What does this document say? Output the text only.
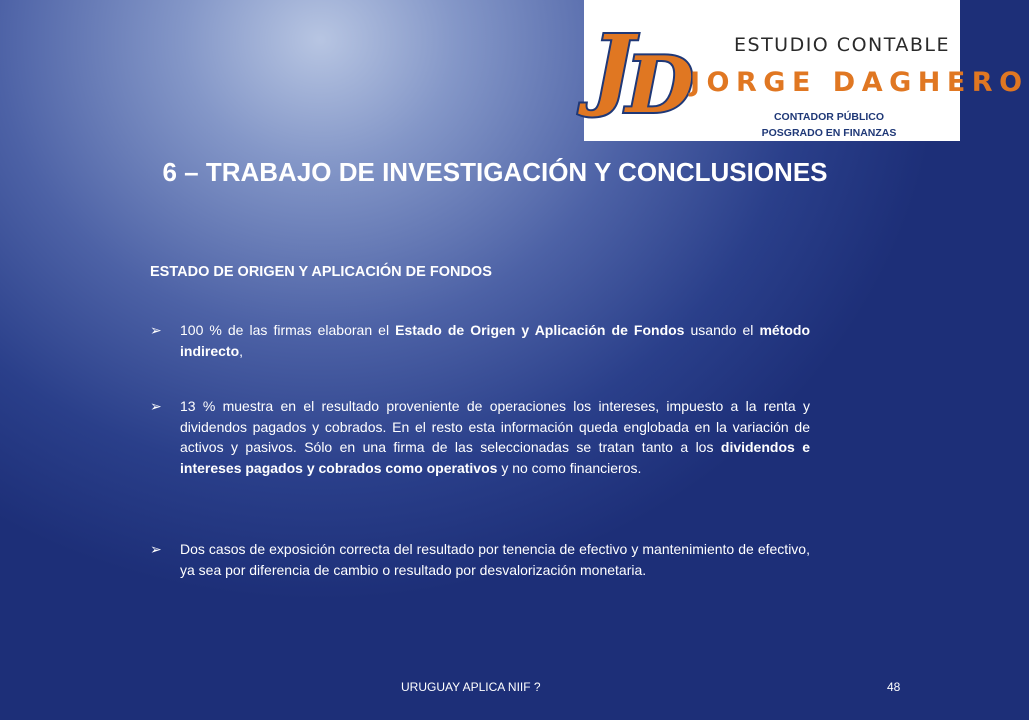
J
D ESTUDIO CONTABLE
JORGE DAGHERO
CONTADOR PÚBLICO
POSGRADO EN FINANZAS
6 – TRABAJO DE INVESTIGACIÓN Y CONCLUSIONES
ESTADO DE ORIGEN Y APLICACIÓN DE FONDOS
➢	100 % de las firmas elaboran el Estado de Origen y Aplicación de Fondos usando el método indirecto,
➢	13 % muestra en el resultado proveniente de operaciones los intereses, impuesto a la renta y dividendos pagados y cobrados. En el resto esta información queda englobada en la variación de activos y pasivos. Sólo en una firma de las seleccionadas se tratan tanto a los dividendos e intereses pagados y cobrados como operativos y no como financieros.
➢	Dos casos de exposición correcta del resultado por tenencia de efectivo y mantenimiento de efectivo, ya sea por diferencia de cambio o resultado por desvalorización monetaria.
URUGUAY APLICA NIIF ?	48
